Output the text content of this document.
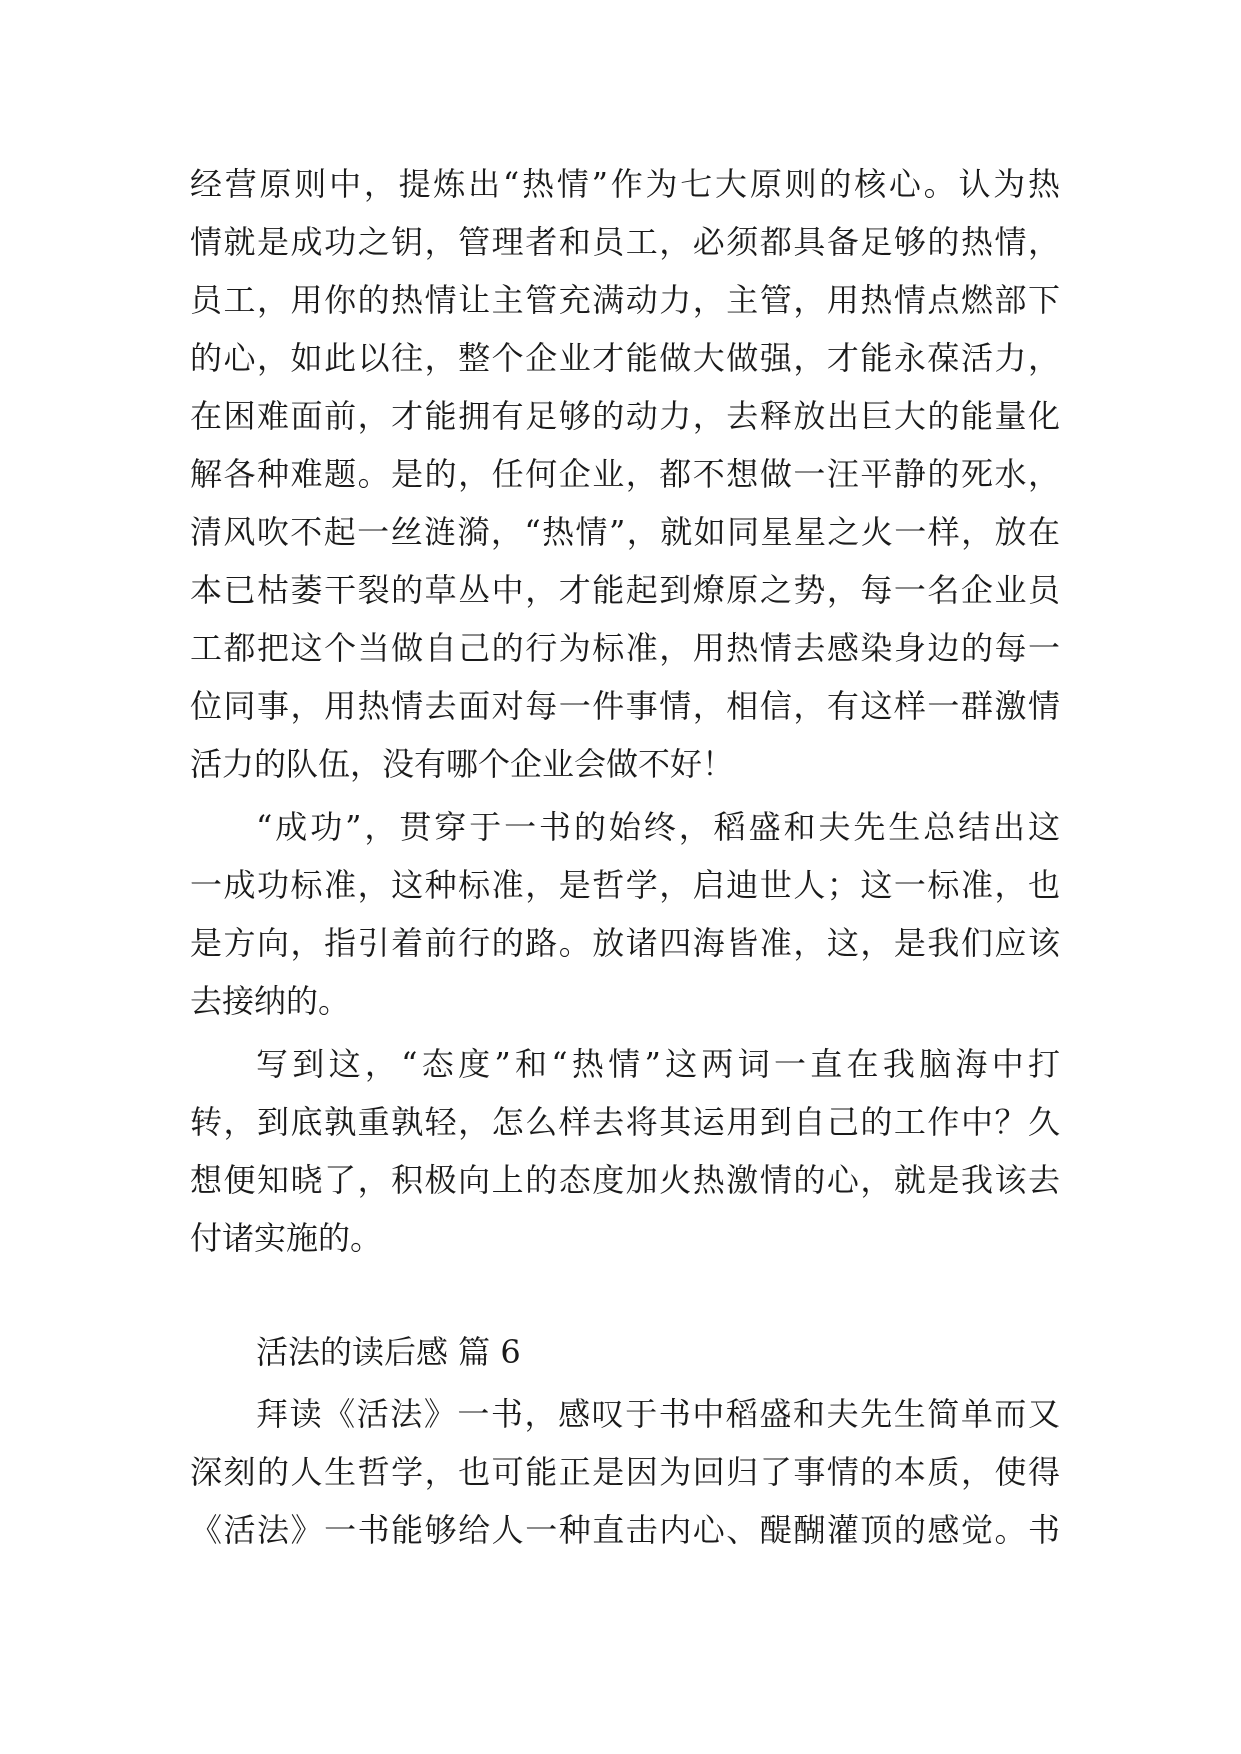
经营原则中，提炼出“热情”作为七大原则的核心。认为热
情就是成功之钥，管理者和员工，必须都具备足够的热情，
员工，用你的热情让主管充满动力，主管，用热情点燃部下
的心，如此以往，整个企业才能做大做强，才能永葆活力，
在困难面前，才能拥有足够的动力，去释放出巨大的能量化
解各种难题。是的，任何企业，都不想做一汪平静的死水，
清风吹不起一丝涟漪，“热情”，就如同星星之火一样，放在
本已枯萎干裂的草丛中，才能起到燎原之势，每一名企业员
工都把这个当做自己的行为标准，用热情去感染身边的每一
位同事，用热情去面对每一件事情，相信，有这样一群激情
活力的队伍，没有哪个企业会做不好！
“成功”，贯穿于一书的始终，稻盛和夫先生总结出这
一成功标准，这种标准，是哲学，启迪世人；这一标准，也
是方向，指引着前行的路。放诸四海皆准，这，是我们应该
去接纳的。
写到这，“态度”和“热情”这两词一直在我脑海中打
转，到底孰重孰轻，怎么样去将其运用到自己的工作中？久
想便知晓了，积极向上的态度加火热激情的心，就是我该去
付诸实施的。
活法的读后感 篇 6
拜读《活法》一书，感叹于书中稻盛和夫先生简单而又
深刻的人生哲学，也可能正是因为回归了事情的本质，使得
《活法》一书能够给人一种直击内心、醍醐灌顶的感觉。书
